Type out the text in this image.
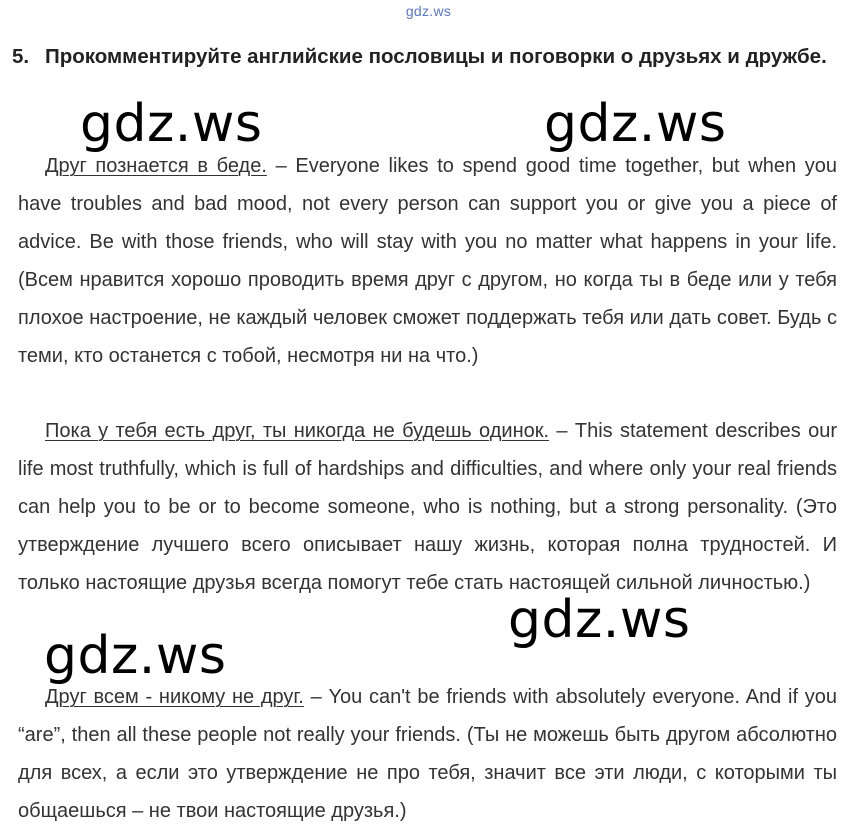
gdz.ws
5. Прокомментируйте английские пословицы и поговорки о друзьях и дружбе.
Друг познается в беде. – Everyone likes to spend good time together, but when you have troubles and bad mood, not every person can support you or give you a piece of advice. Be with those friends, who will stay with you no matter what happens in your life. (Всем нравится хорошо проводить время друг с другом, но когда ты в беде или у тебя плохое настроение, не каждый человек сможет поддержать тебя или дать совет. Будь с теми, кто останется с тобой, несмотря ни на что.)
Пока у тебя есть друг, ты никогда не будешь одинок. – This statement describes our life most truthfully, which is full of hardships and difficulties, and where only your real friends can help you to be or to become someone, who is nothing, but a strong personality. (Это утверждение лучшего всего описывает нашу жизнь, которая полна трудностей. И только настоящие друзья всегда помогут тебе стать настоящей сильной личностью.)
Друг всем - никому не друг. – You can't be friends with absolutely everyone. And if you “are”, then all these people not really your friends. (Ты не можешь быть другом абсолютно для всех, а если это утверждение не про тебя, значит все эти люди, с которыми ты общаешься – не твои настоящие друзья.)
gdz.ws	gdz.ws
gdz.ws
gdz.ws
